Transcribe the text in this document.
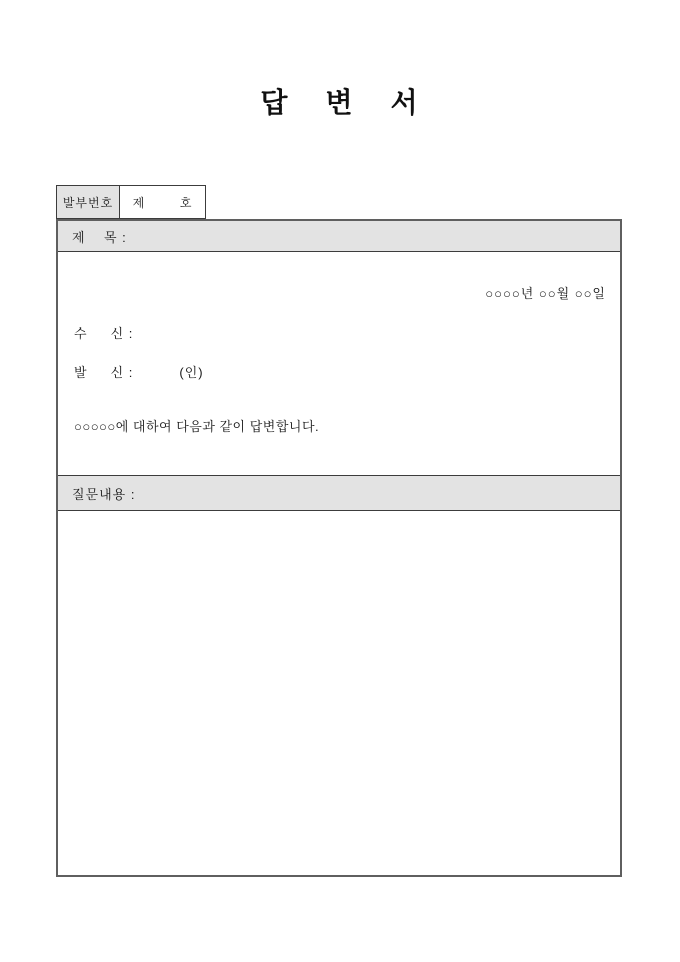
답    변    서
발부번호	제        호
제    목 :
○○○○년 ○○월 ○○일
수     신 :
발     신 :	(인)
○○○○○에 대하여 다음과 같이 답변합니다.
질문내용 :
